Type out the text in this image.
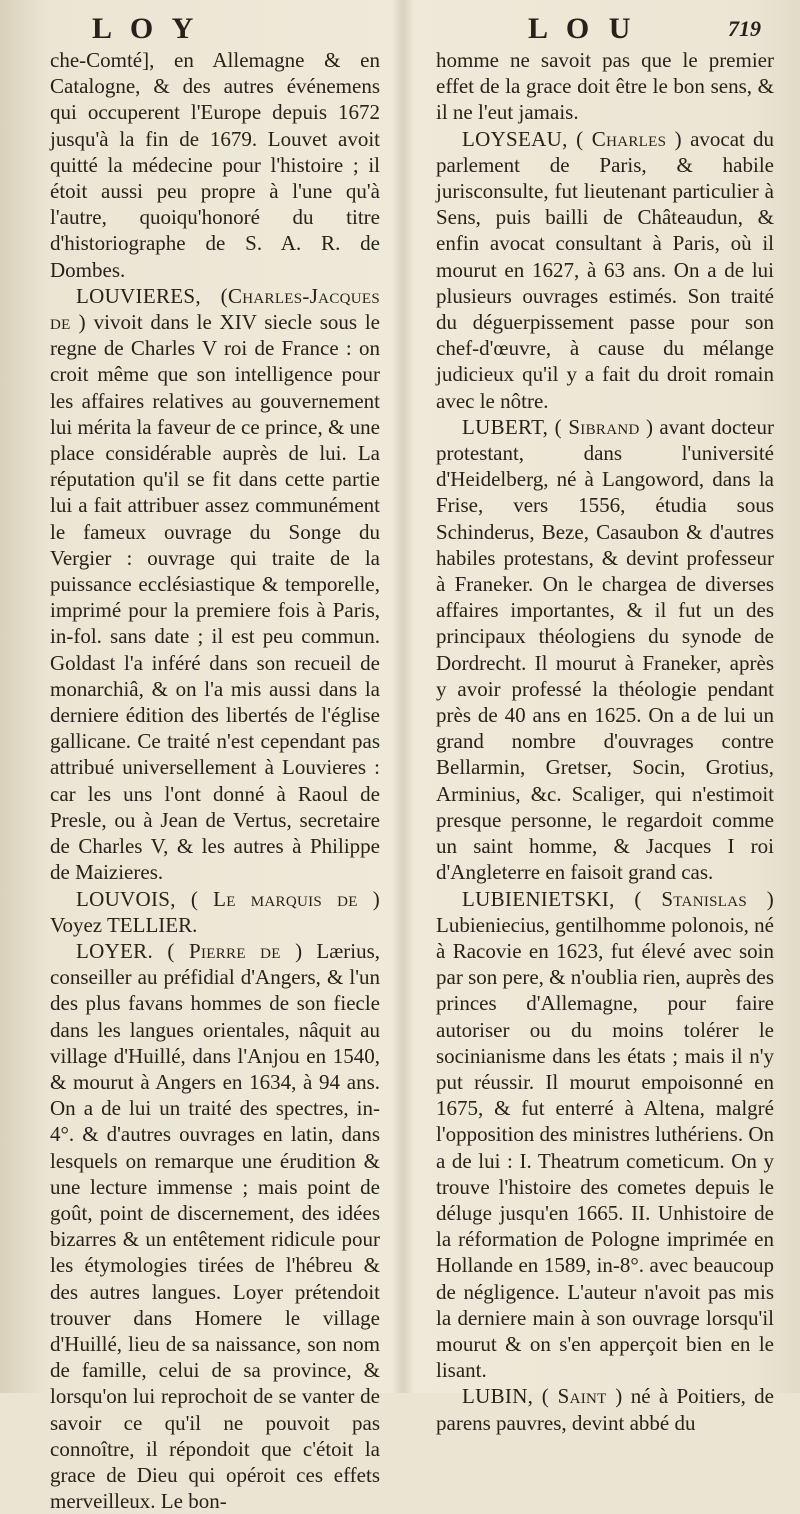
L O Y	L O U	719

che-Comté], en Allemagne & en Catalogne, & des autres événemens qui occuperent l'Europe depuis 1672 jusqu'à la fin de 1679. Louvet avoit quitté la médecine pour l'histoire ; il étoit aussi peu propre à l'une qu'à l'autre, quoiqu'honoré du titre d'historiographe de S. A. R. de Dombes.

LOUVIERES, (Charles-Jacques de ) vivoit dans le XIV siecle sous le regne de Charles V roi de France : on croit même que son intelligence pour les affaires relatives au gouvernement lui mérita la faveur de ce prince, & une place considérable auprès de lui. La réputation qu'il se fit dans cette partie lui a fait attribuer assez communément le fameux ouvrage du Songe du Vergier : ouvrage qui traite de la puissance ecclésiastique & temporelle, imprimé pour la premiere fois à Paris, in-fol. sans date ; il est peu commun. Goldast l'a inféré dans son recueil de monarchiâ, & on l'a mis aussi dans la derniere édition des libertés de l'église gallicane. Ce traité n'est cependant pas attribué universellement à Louvieres : car les uns l'ont donné à Raoul de Presle, ou à Jean de Vertus, secretaire de Charles V, & les autres à Philippe de Maizieres.

LOUVOIS, ( Le marquis de ) Voyez TELLIER.

LOYER. ( Pierre de ) Lærius, conseiller au préfidial d'Angers, & l'un des plus favans hommes de son fiecle dans les langues orientales, nâquit au village d'Huillé, dans l'Anjou en 1540, & mourut à Angers en 1634, à 94 ans. On a de lui un traité des spectres, in-4°. & d'autres ouvrages en latin, dans lesquels on remarque une érudition & une lecture immense ; mais point de goût, point de discernement, des idées bizarres & un entêtement ridicule pour les étymologies tirées de l'hébreu & des autres langues. Loyer prétendoit trouver dans Homere le village d'Huillé, lieu de sa naissance, son nom de famille, celui de sa province, & lorsqu'on lui reprochoit de se vanter de savoir ce qu'il ne pouvoit pas connoître, il répondoit que c'étoit la grace de Dieu qui opéroit ces effets merveilleux. Le bon-

homme ne savoit pas que le premier effet de la grace doit être le bon sens, & il ne l'eut jamais.

LOYSEAU, ( Charles ) avocat du parlement de Paris, & habile jurisconsulte, fut lieutenant particulier à Sens, puis bailli de Châteaudun, & enfin avocat consultant à Paris, où il mourut en 1627, à 63 ans. On a de lui plusieurs ouvrages estimés. Son traité du déguerpissement passe pour son chef-d'œuvre, à cause du mélange judicieux qu'il y a fait du droit romain avec le nôtre.

LUBERT, ( Sibrand ) avant docteur protestant, dans l'université d'Heidelberg, né à Langoword, dans la Frise, vers 1556, étudia sous Schinderus, Beze, Casaubon & d'autres habiles protestans, & devint professeur à Franeker. On le chargea de diverses affaires importantes, & il fut un des principaux théologiens du synode de Dordrecht. Il mourut à Franeker, après y avoir professé la théologie pendant près de 40 ans en 1625. On a de lui un grand nombre d'ouvrages contre Bellarmin, Gretser, Socin, Grotius, Arminius, &c. Scaliger, qui n'estimoit presque personne, le regardoit comme un saint homme, & Jacques I roi d'Angleterre en faisoit grand cas.

LUBIENIETSKI, ( Stanislas ) Lubieniecius, gentilhomme polonois, né à Racovie en 1623, fut élevé avec soin par son pere, & n'oublia rien, auprès des princes d'Allemagne, pour faire autoriser ou du moins tolérer le socinianisme dans les états ; mais il n'y put réussir. Il mourut empoisonné en 1675, & fut enterré à Altena, malgré l'opposition des ministres luthériens. On a de lui : I. Theatrum cometicum. On y trouve l'histoire des cometes depuis le déluge jusqu'en 1665. II. Unhistoire de la réformation de Pologne imprimée en Hollande en 1589, in-8°. avec beaucoup de négligence. L'auteur n'avoit pas mis la derniere main à son ouvrage lorsqu'il mourut & on s'en apperçoit bien en le lisant.

LUBIN, ( Saint ) né à Poitiers, de parens pauvres, devint abbé du
